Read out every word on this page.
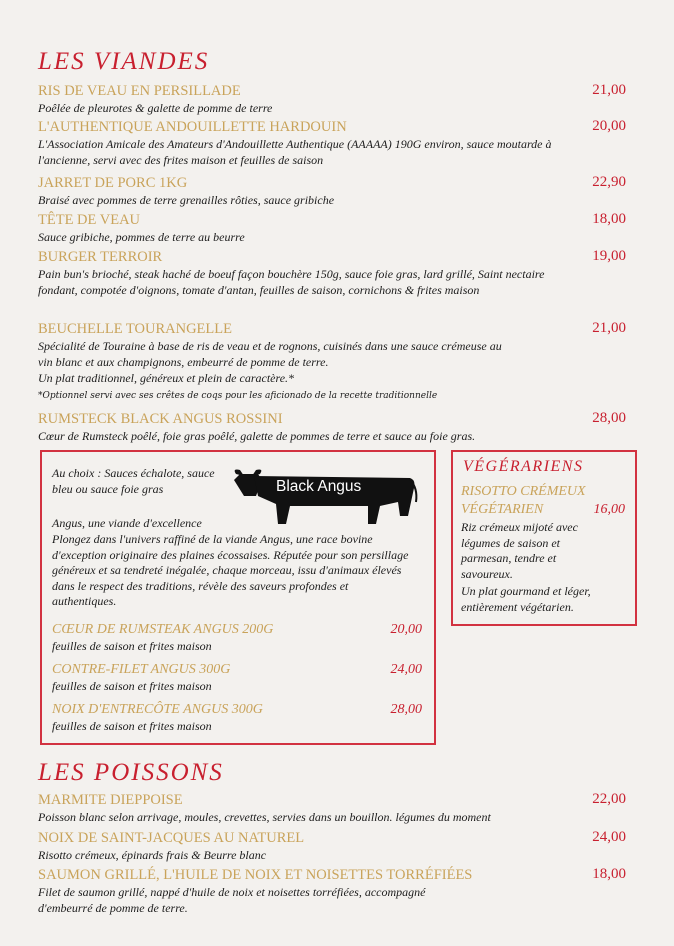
LES VIANDES
RIS DE VEAU EN PERSILLADE	21,00
Poêlée de pleurotes & galette de pomme de terre
L'AUTHENTIQUE ANDOUILLETTE HARDOUIN	20,00
L'Association Amicale des Amateurs d'Andouillette Authentique (AAAAA) 190G environ, sauce moutarde à l'ancienne, servi avec des frites maison et feuilles de saison
JARRET DE PORC 1KG	22,90
Braisé avec pommes de terre grenailles rôties, sauce gribiche
TÊTE DE VEAU	18,00
Sauce gribiche, pommes de terre au beurre
BURGER TERROIR	19,00
Pain bun's brioché, steak haché de boeuf façon bouchère 150g, sauce foie gras, lard grillé, Saint nectaire fondant, compotée d'oignons, tomate d'antan, feuilles de saison, cornichons & frites maison
BEUCHELLE TOURANGELLE	21,00
Spécialité de Touraine à base de ris de veau et de rognons, cuisinés dans une sauce crémeuse au vin blanc et aux champignons, embeurré de pomme de terre.
Un plat traditionnel, généreux et plein de caractère.*
*Optionnel servi avec ses crêtes de coqs pour les aficionado de la recette traditionnelle
RUMSTECK BLACK ANGUS ROSSINI	28,00
Cœur de Rumsteck poêlé, foie gras poêlé, galette de pommes de terre et sauce au foie gras.
Au choix : Sauces échalote, sauce bleu ou sauce foie gras	Black Angus
Angus, une viande d'excellence
Plongez dans l'univers raffiné de la viande Angus, une race bovine d'exception originaire des plaines écossaises. Réputée pour son persillage généreux et sa tendreté inégalée, chaque morceau, issu d'animaux élevés dans le respect des traditions, révèle des saveurs profondes et authentiques.
CŒUR DE RUMSTEAK ANGUS 200G	20,00
feuilles de saison et frites maison
CONTRE-FILET ANGUS 300G	24,00
feuilles de saison et frites maison
NOIX D'ENTRECÔTE ANGUS 300G	28,00
feuilles de saison et frites maison
VÉGÉRARIENS
RISOTTO CRÉMEUX
VÉGÉTARIEN	16,00
Riz crémeux mijoté avec légumes de saison et parmesan, tendre et savoureux.
Un plat gourmand et léger, entièrement végétarien.
LES POISSONS
MARMITE DIEPPOISE	22,00
Poisson blanc selon arrivage, moules, crevettes, servies dans un bouillon. légumes du moment
NOIX DE SAINT-JACQUES AU NATUREL	24,00
Risotto crémeux, épinards frais & Beurre blanc
SAUMON GRILLÉ, L'HUILE DE NOIX ET NOISETTES TORRÉFIÉES	18,00
Filet de saumon grillé, nappé d'huile de noix et noisettes torréfiées, accompagné d'embeurré de pomme de terre.
